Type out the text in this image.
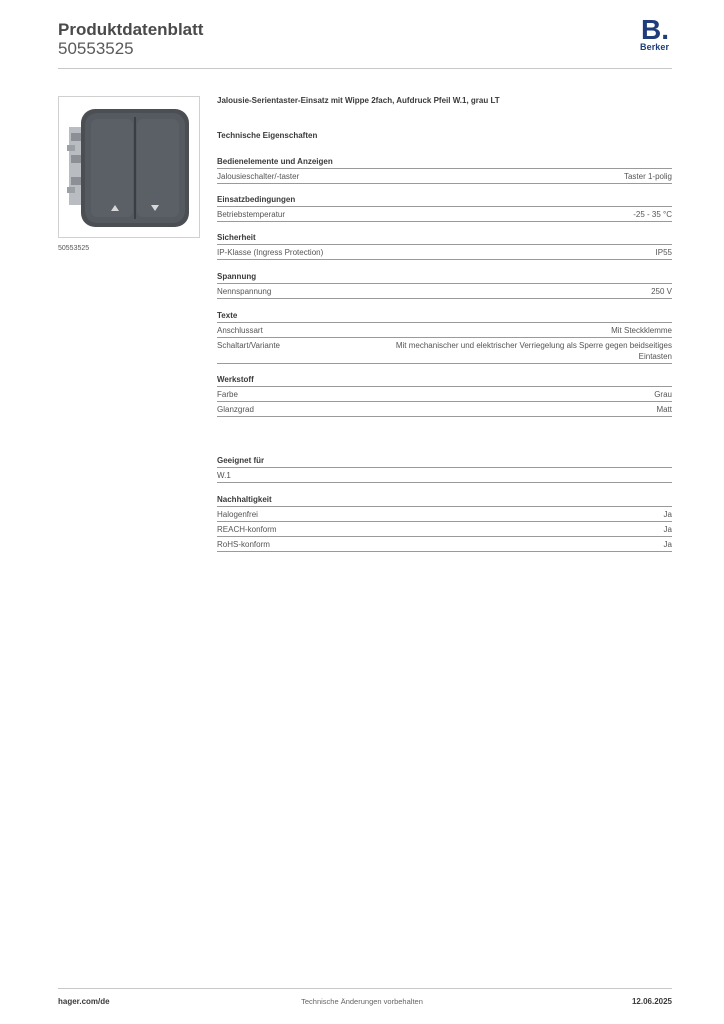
Produktdatenblatt
50553525
B.
Berker
50553525

Jalousie-Serientaster-Einsatz mit Wippe 2fach, Aufdruck Pfeil W.1, grau LT

Technische Eigenschaften

Bedienelemente und Anzeigen
Jalousieschalter/-taster	Taster 1-polig
Einsatzbedingungen
Betriebstemperatur	-25 - 35 °C
Sicherheit
IP-Klasse (Ingress Protection)	IP55
Spannung
Nennspannung	250 V
Texte
Anschlussart	Mit Steckklemme
Schaltart/Variante	Mit mechanischer und elektrischer Verriegelung als Sperre gegen beidseitiges Eintasten
Werkstoff
Farbe	Grau
Glanzgrad	Matt
Geeignet für
W.1
Nachhaltigkeit
Halogenfrei	Ja
REACH-konform	Ja
RoHS-konform	Ja
hager.com/de	Technische Änderungen vorbehalten	12.06.2025
